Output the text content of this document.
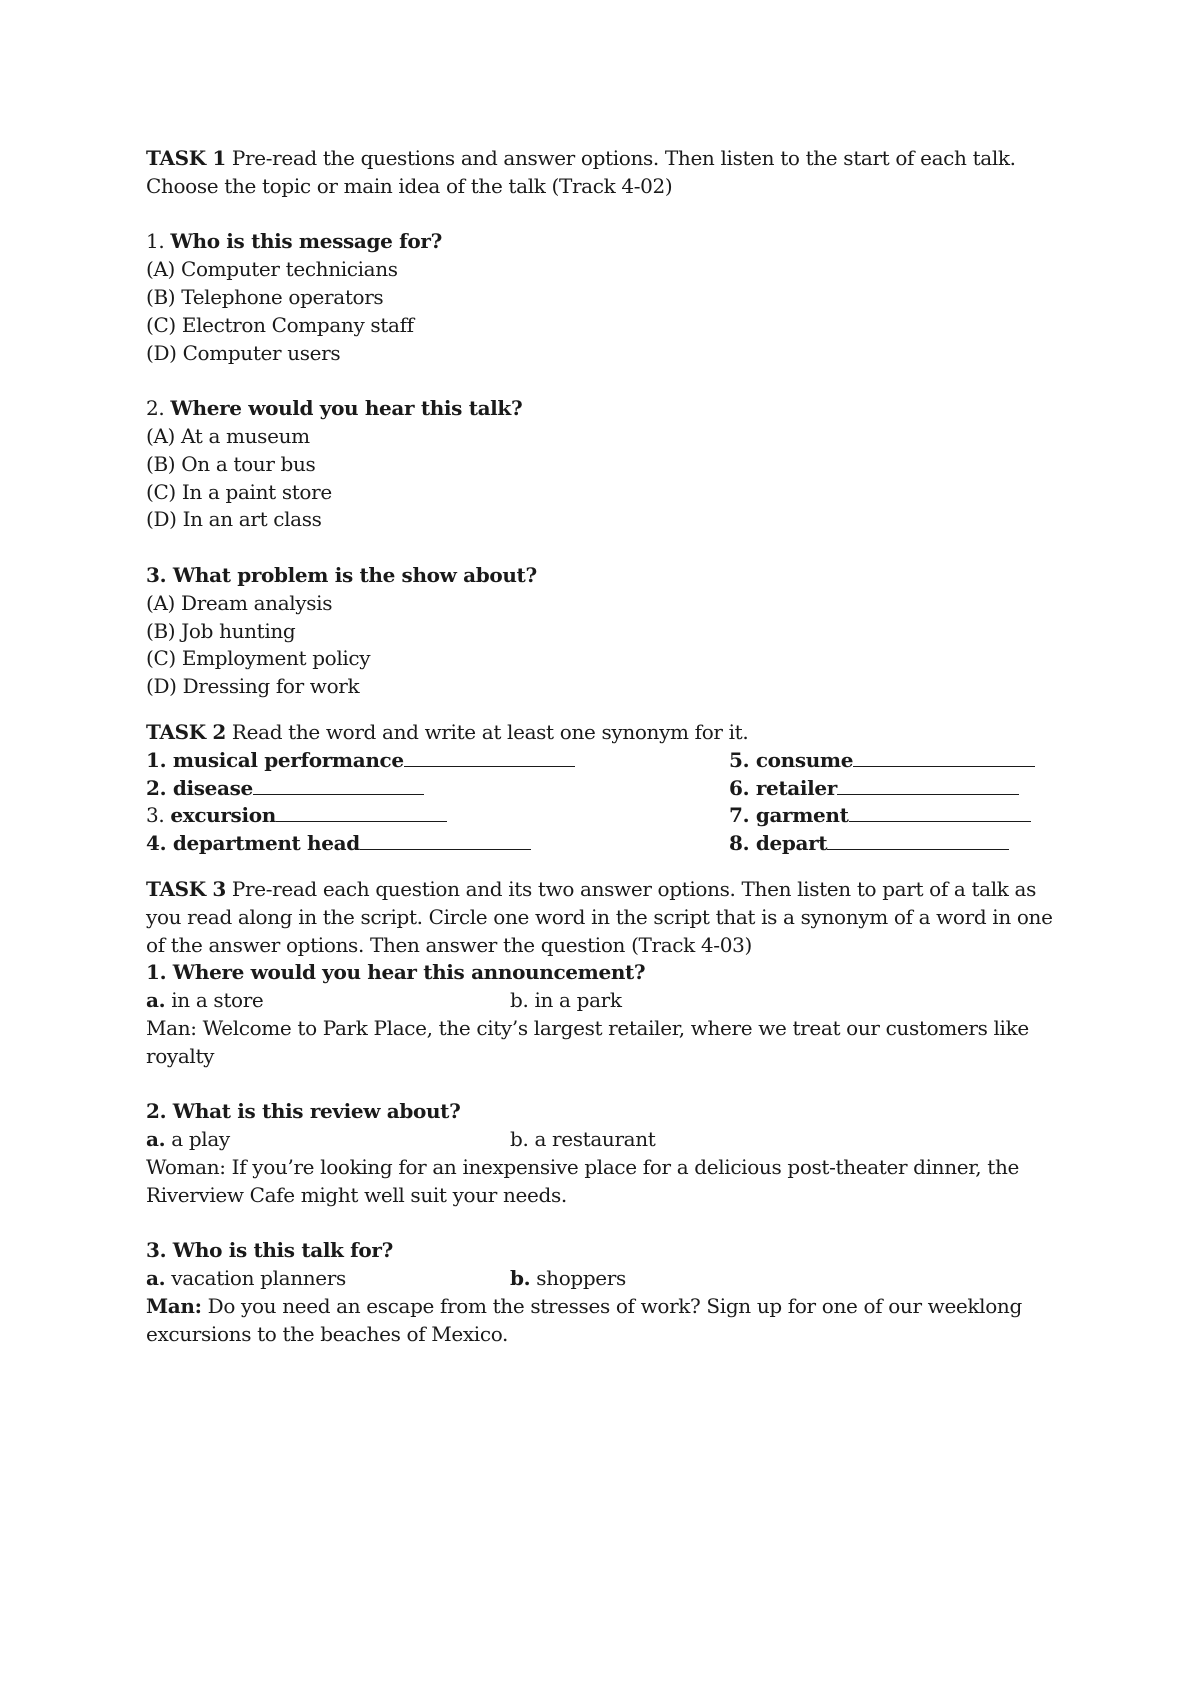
TASK 1 Pre-read the questions and answer options. Then listen to the start of each talk.
Choose the topic or main idea of the talk (Track 4-02)
1. Who is this message for?
(A) Computer technicians
(B) Telephone operators
(C) Electron Company staff
(D) Computer users
2. Where would you hear this talk?
(A) At a museum
(B) On a tour bus
(C) In a paint store
(D) In an art class
3. What problem is the show about?
(A) Dream analysis
(B) Job hunting
(C) Employment policy
(D) Dressing for work
TASK 2 Read the word and write at least one synonym for it.
1. musical performance	5. consume
2. disease	6. retailer
3. excursion	7. garment
4. department head	8. depart
TASK 3 Pre-read each question and its two answer options. Then listen to part of a talk as
you read along in the script. Circle one word in the script that is a synonym of a word in one
of the answer options. Then answer the question (Track 4-03)
1. Where would you hear this announcement?
a. in a store	b. in a park
Man: Welcome to Park Place, the city’s largest retailer, where we treat our customers like royalty
2. What is this review about?
a. a play	b. a restaurant
Woman: If you’re looking for an inexpensive place for a delicious post-theater dinner, the Riverview Cafe might well suit your needs.
3. Who is this talk for?
a. vacation planners	b. shoppers
Man: Do you need an escape from the stresses of work? Sign up for one of our weeklong excursions to the beaches of Mexico.
